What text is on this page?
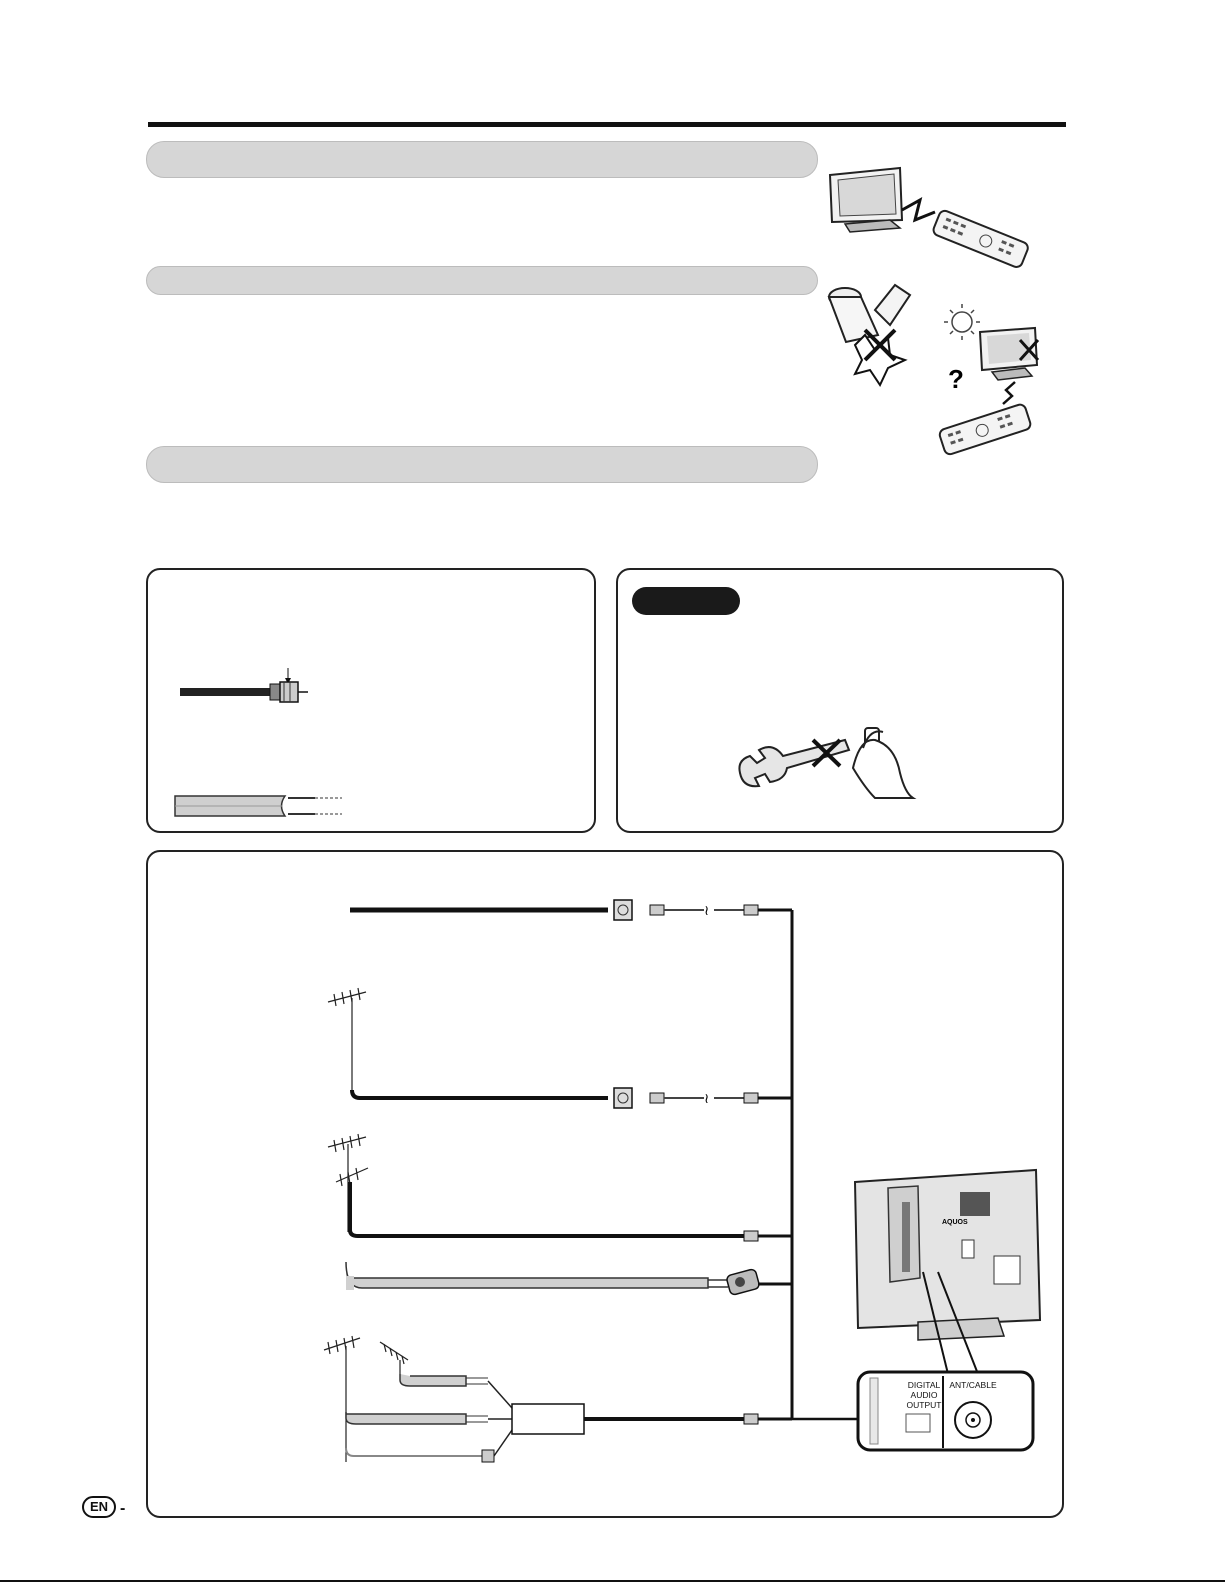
?
≀
≀
AQUOS
DIGITAL AUDIO OUTPUT
ANT/CABLE
EN -
